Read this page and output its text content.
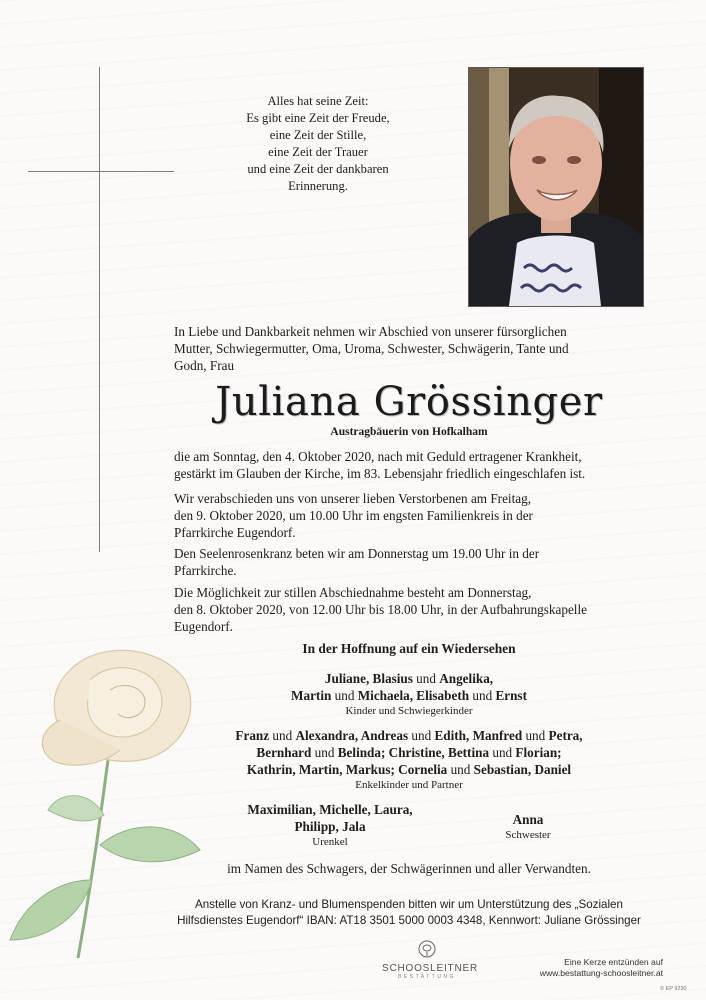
Alles hat seine Zeit:
Es gibt eine Zeit der Freude,
eine Zeit der Stille,
eine Zeit der Trauer
und eine Zeit der dankbaren
Erinnerung.
In Liebe und Dankbarkeit nehmen wir Abschied von unserer fürsorglichen
Mutter, Schwiegermutter, Oma, Uroma, Schwester, Schwägerin, Tante und
Godn, Frau
Juliana Grössinger
Austragbäuerin von Hofkalham
die am Sonntag, den 4. Oktober 2020, nach mit Geduld ertragener Krankheit,
gestärkt im Glauben der Kirche, im 83. Lebensjahr friedlich eingeschlafen ist.
Wir verabschieden uns von unserer lieben Verstorbenen am Freitag,
den 9. Oktober 2020, um 10.00 Uhr im engsten Familienkreis in der
Pfarrkirche Eugendorf.
Den Seelenrosenkranz beten wir am Donnerstag um 19.00 Uhr in der
Pfarrkirche.
Die Möglichkeit zur stillen Abschiednahme besteht am Donnerstag,
den 8. Oktober 2020, von 12.00 Uhr bis 18.00 Uhr, in der Aufbahrungskapelle
Eugendorf.
In der Hoffnung auf ein Wiedersehen
Juliane, Blasius und Angelika,
Martin und Michaela, Elisabeth und Ernst
Kinder und Schwiegerkinder
Franz und Alexandra, Andreas und Edith, Manfred und Petra,
Bernhard und Belinda; Christine, Bettina und Florian;
Kathrin, Martin, Markus; Cornelia und Sebastian, Daniel
Enkelkinder und Partner
Maximilian, Michelle, Laura,
Philipp, Jala
Urenkel
Anna
Schwester
im Namen des Schwagers, der Schwägerinnen und aller Verwandten.
Anstelle von Kranz- und Blumenspenden bitten wir um Unterstützung des „Sozialen
Hilfsdienstes Eugendorf“ IBAN: AT18 3501 5000 0003 4348, Kennwort: Juliane Grössinger
SCHOOSLEITNER
BESTATTUNG
Eine Kerze entzünden auf
www.bestattung-schoosleitner.at
© EP 9230
